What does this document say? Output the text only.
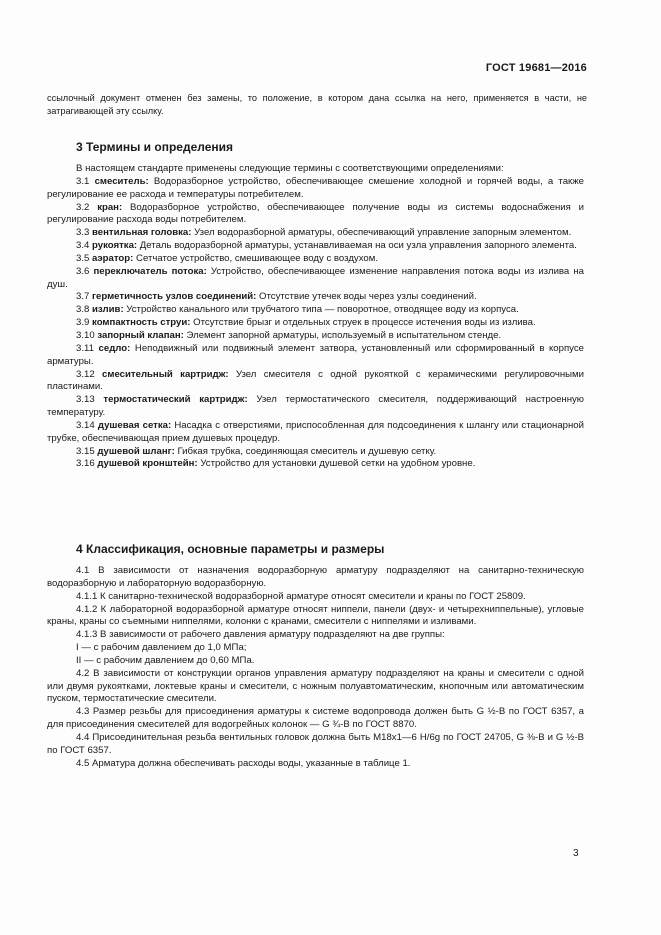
ГОСТ 19681—2016
ссылочный документ отменен без замены, то положение, в котором дана ссылка на него, применяется в части, не затрагивающей эту ссылку.
3 Термины и определения

В настоящем стандарте применены следующие термины с соответствующими определениями:

3.1 смеситель: Водоразборное устройство, обеспечивающее смешение холодной и горячей воды, а также регулирование ее расхода и температуры потребителем.

3.2 кран: Водоразборное устройство, обеспечивающее получение воды из системы водоснабжения и регулирование расхода воды потребителем.

3.3 вентильная головка: Узел водоразборной арматуры, обеспечивающий управление запорным элементом.

3.4 рукоятка: Деталь водоразборной арматуры, устанавливаемая на оси узла управления запорного элемента.

3.5 аэратор: Сетчатое устройство, смешивающее воду с воздухом.

3.6 переключатель потока: Устройство, обеспечивающее изменение направления потока воды из излива на душ.

3.7 герметичность узлов соединений: Отсутствие утечек воды через узлы соединений.

3.8 излив: Устройство канального или трубчатого типа — поворотное, отводящее воду из корпуса.

3.9 компактность струи: Отсутствие брызг и отдельных струек в процессе истечения воды из излива.

3.10 запорный клапан: Элемент запорной арматуры, используемый в испытательном стенде.

3.11 седло: Неподвижный или подвижный элемент затвора, установленный или сформированный в корпусе арматуры.

3.12 смесительный картридж: Узел смесителя с одной рукояткой с керамическими регулировочными пластинами.

3.13 термостатический картридж: Узел термостатического смесителя, поддерживающий настроенную температуру.

3.14 душевая сетка: Насадка с отверстиями, приспособленная для подсоединения к шлангу или стационарной трубке, обеспечивающая прием душевых процедур.

3.15 душевой шланг: Гибкая трубка, соединяющая смеситель и душевую сетку.

3.16 душевой кронштейн: Устройство для установки душевой сетки на удобном уровне.

4 Классификация, основные параметры и размеры

4.1 В зависимости от назначения водоразборную арматуру подразделяют на санитарно-техническую водоразборную и лабораторную водоразборную.

4.1.1 К санитарно-технической водоразборной арматуре относят смесители и краны по ГОСТ 25809.

4.1.2 К лабораторной водоразборной арматуре относят ниппели, панели (двух- и четырехниппельные), угловые краны, краны со съемными ниппелями, колонки с кранами, смесители с ниппелями и изливами.

4.1.3 В зависимости от рабочего давления арматуру подразделяют на две группы:

I — с рабочим давлением до 1,0 МПа;

II — с рабочим давлением до 0,60 МПа.

4.2 В зависимости от конструкции органов управления арматуру подразделяют на краны и смесители с одной или двумя рукоятками, локтевые краны и смесители, с ножным полуавтоматическим, кнопочным или автоматическим пуском, термостатические смесители.

4.3 Размер резьбы для присоединения арматуры к системе водопровода должен быть G ½-B по ГОСТ 6357, а для присоединения смесителей для водогрейных колонок — G ¾-B по ГОСТ 8870.

4.4 Присоединительная резьба вентильных головок должна быть M18x1—6 H/6g по ГОСТ 24705, G ⅜-B и G ½-B по ГОСТ 6357.

4.5 Арматура должна обеспечивать расходы воды, указанные в таблице 1.

3
